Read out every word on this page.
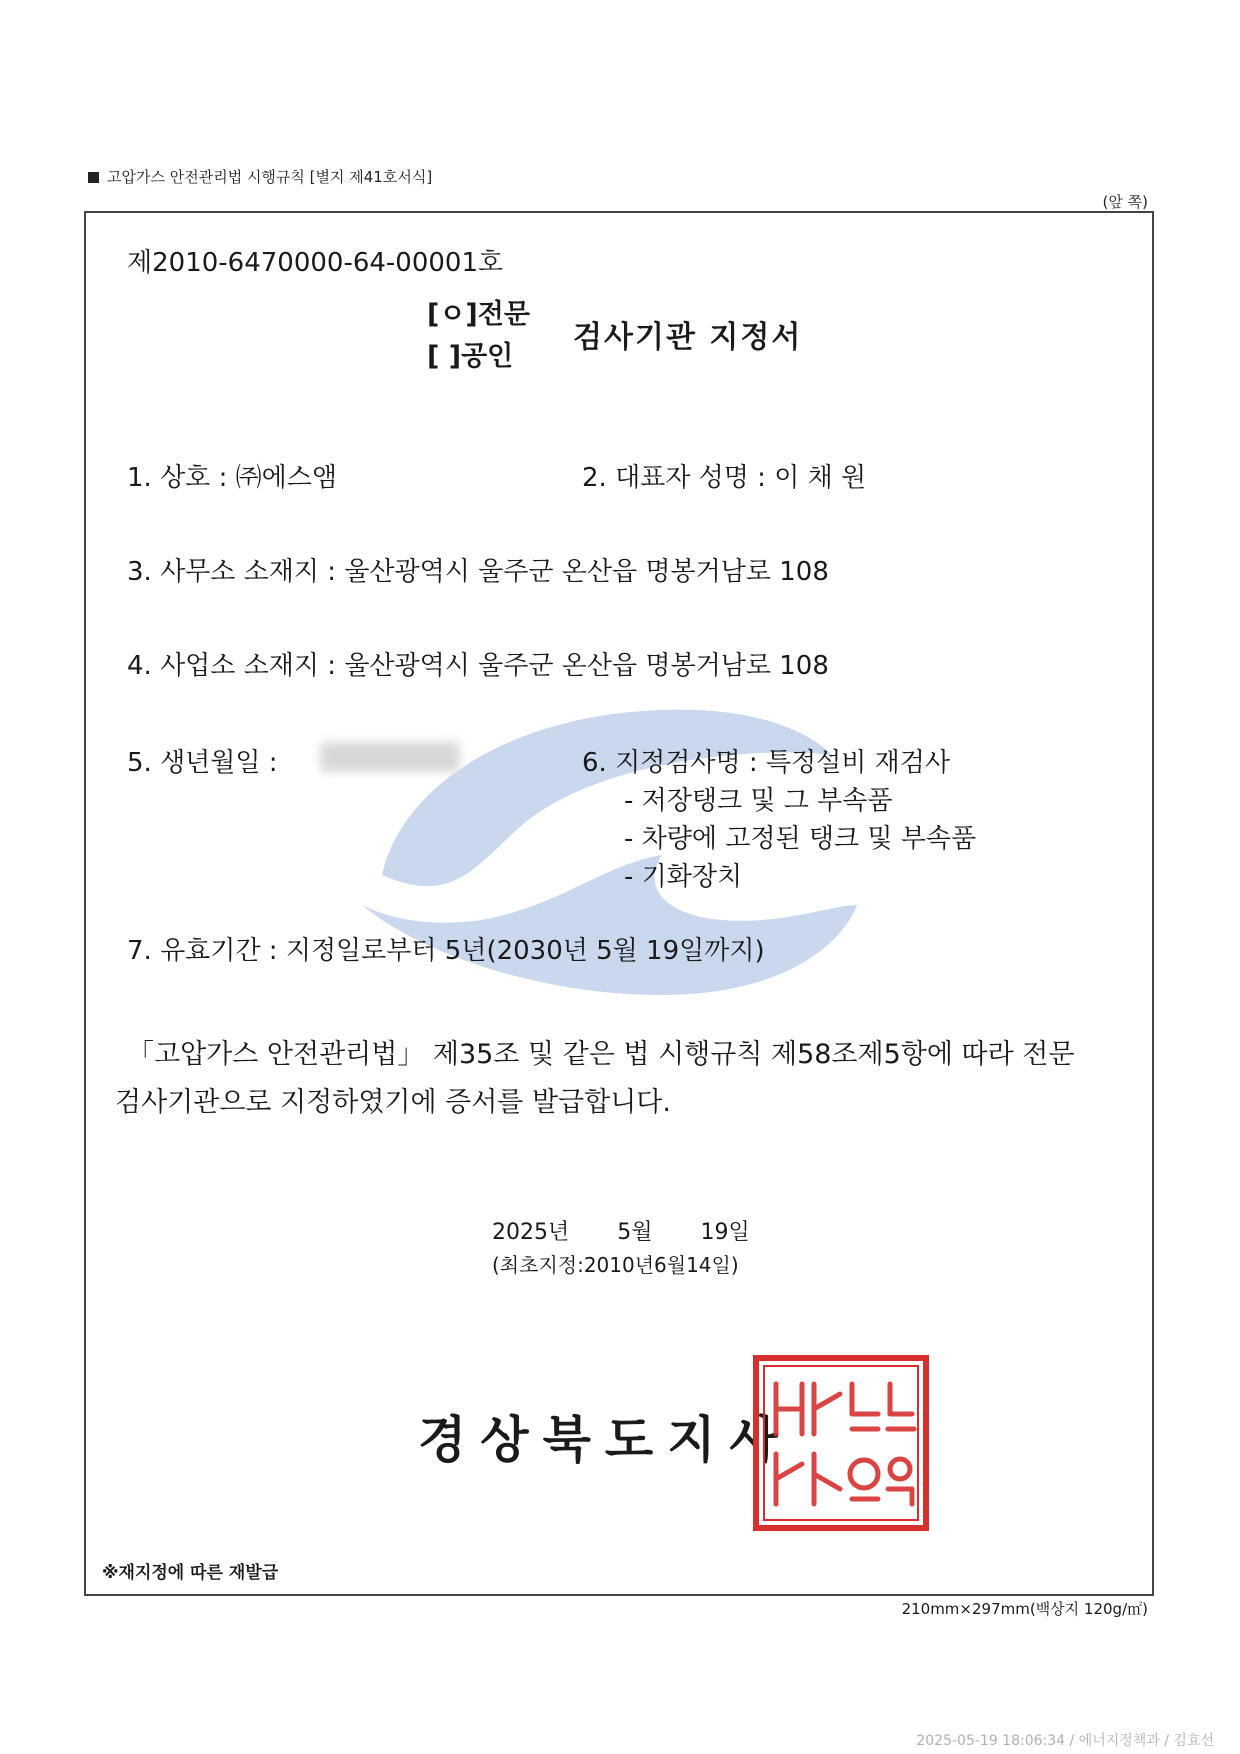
고압가스 안전관리법 시행규칙 [별지 제41호서식]
(앞 쪽)
제2010-6470000-64-00001호
[ㅇ]전문
[ ]공인
검사기관 지정서
1. 상호 : ㈜에스앰	2. 대표자 성명 : 이 채 원
3. 사무소 소재지 : 울산광역시 울주군 온산읍 명봉거남로 108
4. 사업소 소재지 : 울산광역시 울주군 온산읍 명봉거남로 108
5. 생년월일 :	6. 지정검사명 : 특정설비 재검사
- 저장탱크 및 그 부속품
- 차량에 고정된 탱크 및 부속품
- 기화장치
7. 유효기간 : 지정일로부터 5년(2030년 5월 19일까지)
「고압가스 안전관리법」 제35조 및 같은 법 시행규칙 제58조제5항에 따라 전문
검사기관으로 지정하였기에 증서를 발급합니다.
2025년 5월 19일
(최초지정:2010년6월14일)
경상북도지사
※재지정에 따른 재발급
210mm×297mm(백상지 120g/㎡)
2025-05-19 18:06:34 / 에너지정책과 / 김효선
